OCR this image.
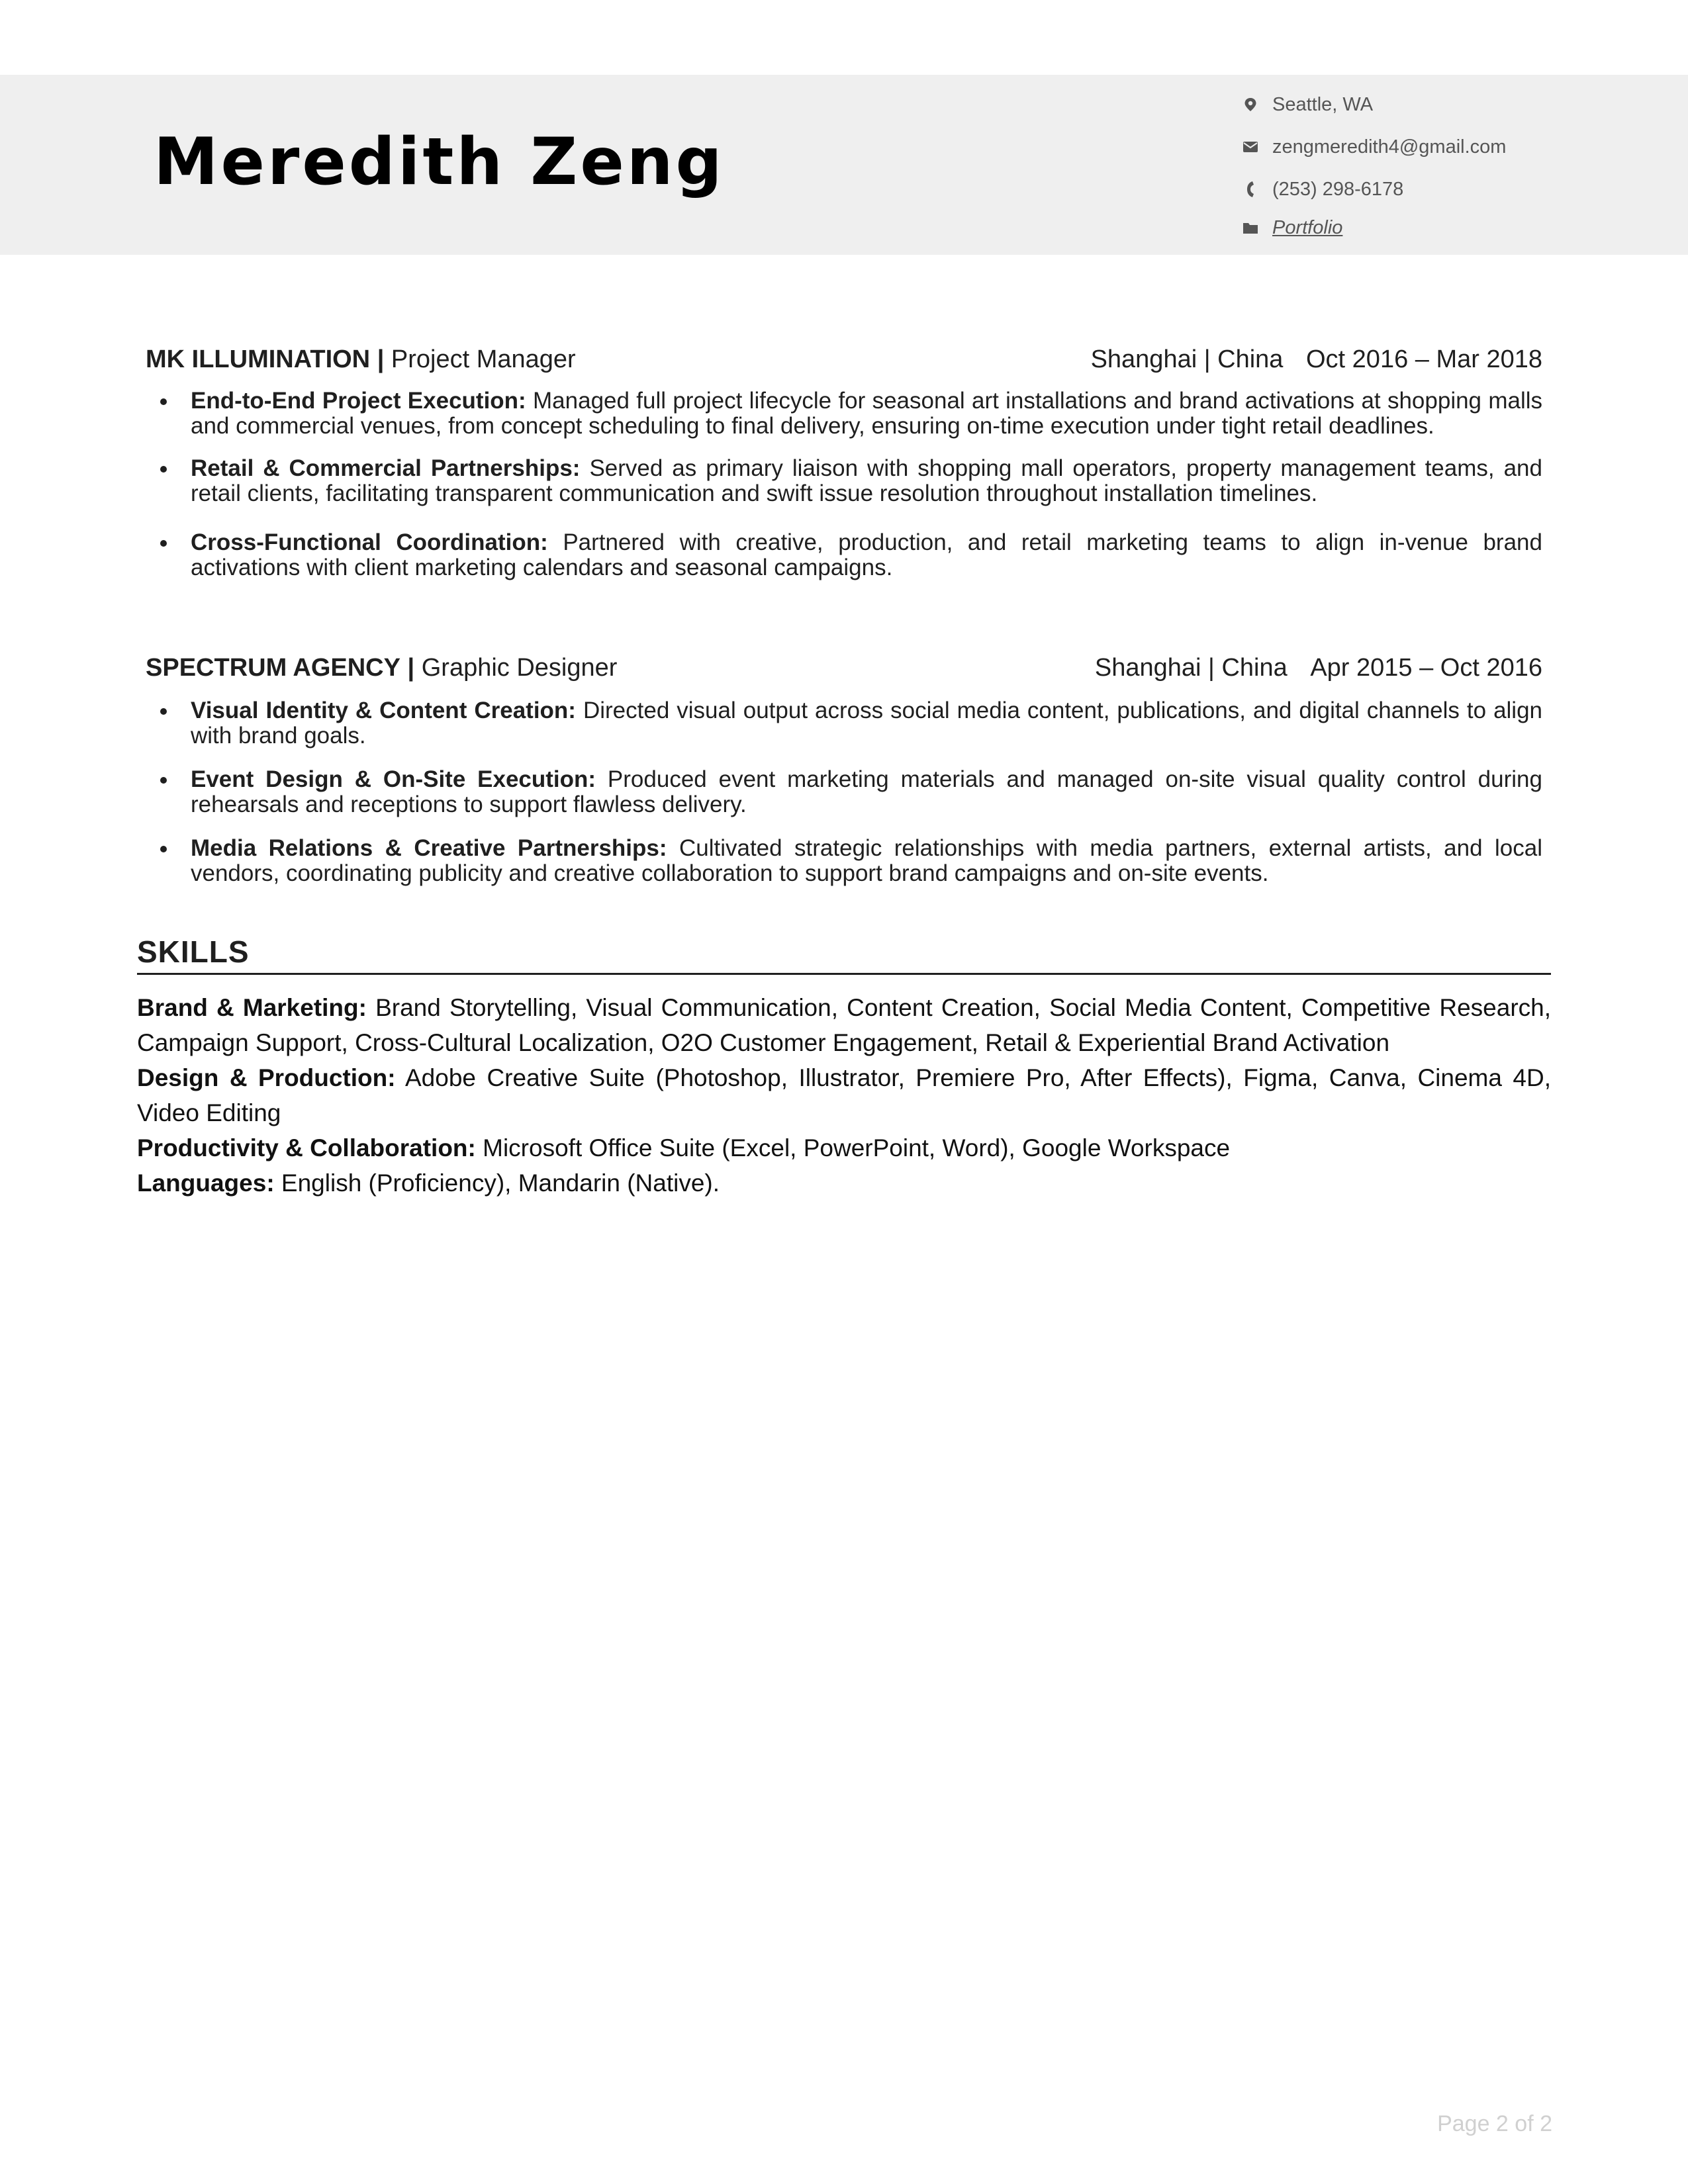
Meredith Zeng
Seattle, WA
zengmeredith4@gmail.com
(253) 298-6178
Portfolio
MK ILLUMINATION | Project Manager	Shanghai | China Oct 2016 – Mar 2018
End-to-End Project Execution: Managed full project lifecycle for seasonal art installations and brand activations at shopping malls and commercial venues, from concept scheduling to final delivery, ensuring on-time execution under tight retail deadlines.
Retail & Commercial Partnerships: Served as primary liaison with shopping mall operators, property management teams, and retail clients, facilitating transparent communication and swift issue resolution throughout installation timelines.
Cross-Functional Coordination: Partnered with creative, production, and retail marketing teams to align in-venue brand activations with client marketing calendars and seasonal campaigns.
SPECTRUM AGENCY | Graphic Designer	Shanghai | China Apr 2015 – Oct 2016
Visual Identity & Content Creation: Directed visual output across social media content, publications, and digital channels to align with brand goals.
Event Design & On-Site Execution: Produced event marketing materials and managed on-site visual quality control during rehearsals and receptions to support flawless delivery.
Media Relations & Creative Partnerships: Cultivated strategic relationships with media partners, external artists, and local vendors, coordinating publicity and creative collaboration to support brand campaigns and on-site events.
SKILLS
Brand & Marketing: Brand Storytelling, Visual Communication, Content Creation, Social Media Content, Competitive Research, Campaign Support, Cross-Cultural Localization, O2O Customer Engagement, Retail & Experiential Brand Activation
Design & Production: Adobe Creative Suite (Photoshop, Illustrator, Premiere Pro, After Effects), Figma, Canva, Cinema 4D, Video Editing
Productivity & Collaboration: Microsoft Office Suite (Excel, PowerPoint, Word), Google Workspace
Languages: English (Proficiency), Mandarin (Native).
Page 2 of 2
